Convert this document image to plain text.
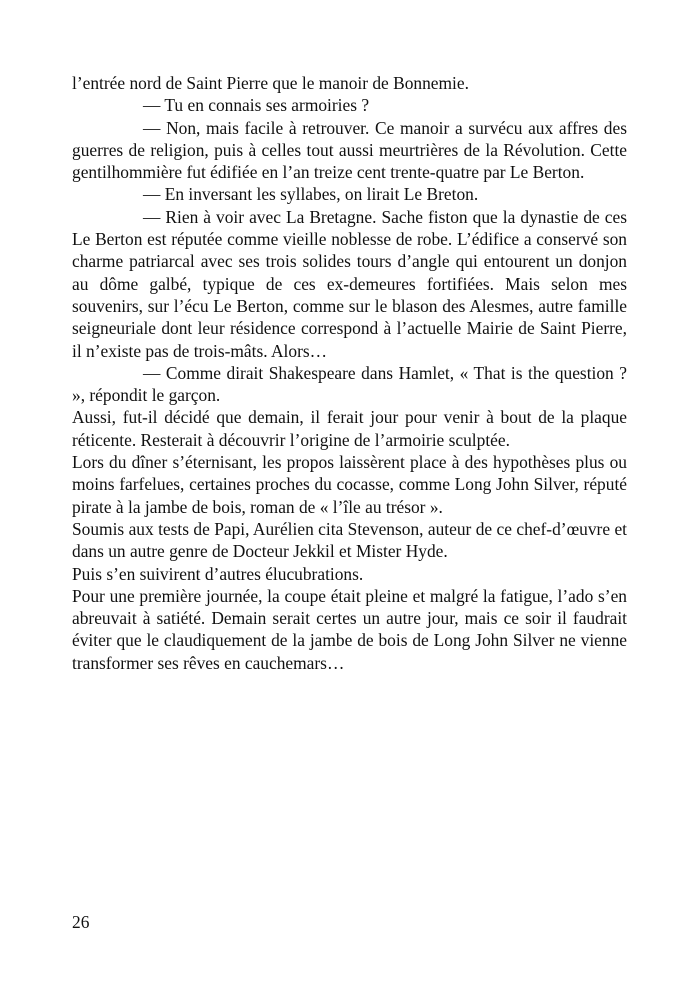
l’entrée nord de Saint Pierre que le manoir de Bonnemie.

— Tu en connais ses armoiries ?

— Non, mais facile à retrouver. Ce manoir a survécu aux affres des guerres de religion, puis à celles tout aussi meurtrières de la Révolution. Cette gentilhommière fut édifiée en l’an treize cent trente-quatre par Le Berton.

— En inversant les syllabes, on lirait Le Breton.

— Rien à voir avec La Bretagne. Sache fiston que la dynastie de ces Le Berton est réputée comme vieille noblesse de robe. L’édifice a conservé son charme patriarcal avec ses trois solides tours d’angle qui entourent un donjon au dôme galbé, typique de ces ex-demeures fortifiées. Mais selon mes souvenirs, sur l’écu Le Berton, comme sur le blason des Alesmes, autre famille seigneuriale dont leur résidence correspond à l’actuelle Mairie de Saint Pierre, il n’existe pas de trois-mâts. Alors…

— Comme dirait Shakespeare dans Hamlet, « That is the question ? », répondit le garçon.

Aussi, fut-il décidé que demain, il ferait jour pour venir à bout de la plaque réticente. Resterait à découvrir l’origine de l’armoirie sculptée.

Lors du dîner s’éternisant, les propos laissèrent place à des hypothèses plus ou moins farfelues, certaines proches du cocasse, comme Long John Silver, réputé pirate à la jambe de bois, roman de « l’île au trésor ».

Soumis aux tests de Papi, Aurélien cita Stevenson, auteur de ce chef-d’œuvre et dans un autre genre de Docteur Jekkil et Mister Hyde.

Puis s’en suivirent d’autres élucubrations.

Pour une première journée, la coupe était pleine et malgré la fatigue, l’ado s’en abreuvait à satiété. Demain serait certes un autre jour, mais ce soir il faudrait éviter que le claudiquement de la jambe de bois de Long John Silver ne vienne transformer ses rêves en cauchemars…

26
